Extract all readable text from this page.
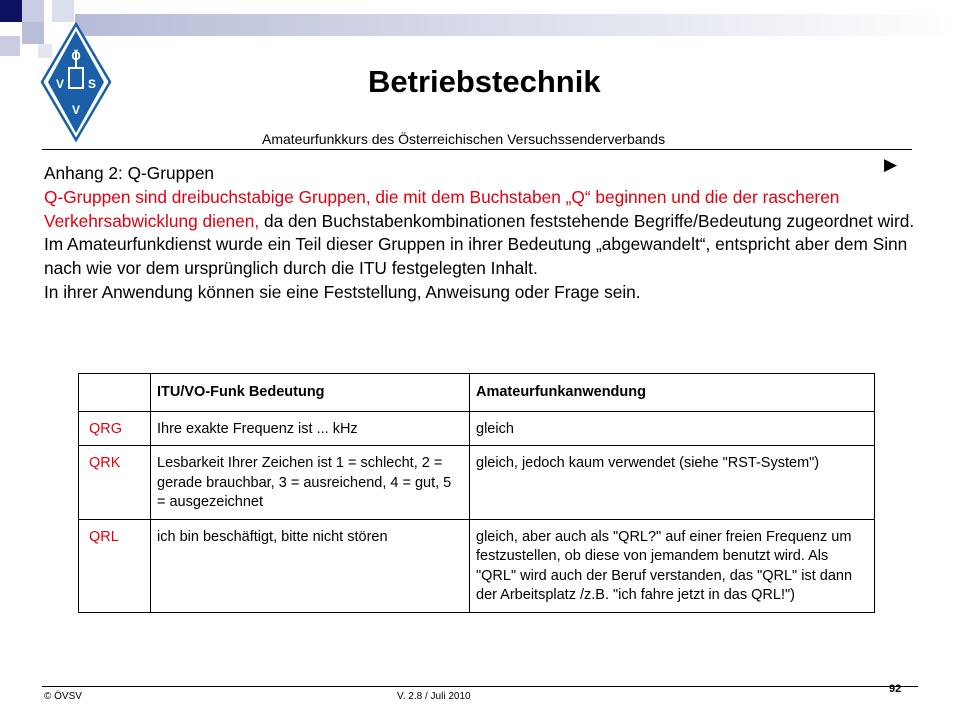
Ö
V S
V
Betriebstechnik
Amateurfunkkurs des Österreichischen Versuchssenderverbands
▶

Anhang 2: Q-Gruppen

Q-Gruppen sind dreibuchstabige Gruppen, die mit dem Buchstaben „Q“ beginnen und die der rascheren Verkehrsabwicklung dienen, da den Buchstabenkombinationen feststehende Begriffe/Bedeutung zugeordnet wird.

Im Amateurfunkdienst wurde ein Teil dieser Gruppen in ihrer Bedeutung „abgewandelt“, entspricht aber dem Sinn nach wie vor dem ursprünglich durch die ITU festgelegten Inhalt.

In ihrer Anwendung können sie eine Feststellung, Anweisung oder Frage sein.

	ITU/VO-Funk Bedeutung	Amateurfunkanwendung
QRG	Ihre exakte Frequenz ist ... kHz	gleich
QRK	Lesbarkeit Ihrer Zeichen ist 1 = schlecht, 2 = gerade brauchbar, 3 = ausreichend, 4 = gut, 5 = ausgezeichnet	gleich, jedoch kaum verwendet (siehe "RST-System")
QRL	ich bin beschäftigt, bitte nicht stören	gleich, aber auch als "QRL?" auf einer freien Frequenz um festzustellen, ob diese von jemandem benutzt wird. Als "QRL" wird auch der Beruf verstanden, das "QRL" ist dann der Arbeitsplatz /z.B. "ich fahre jetzt in das QRL!")
© ÖVSV	V. 2.8 / Juli 2010
92
